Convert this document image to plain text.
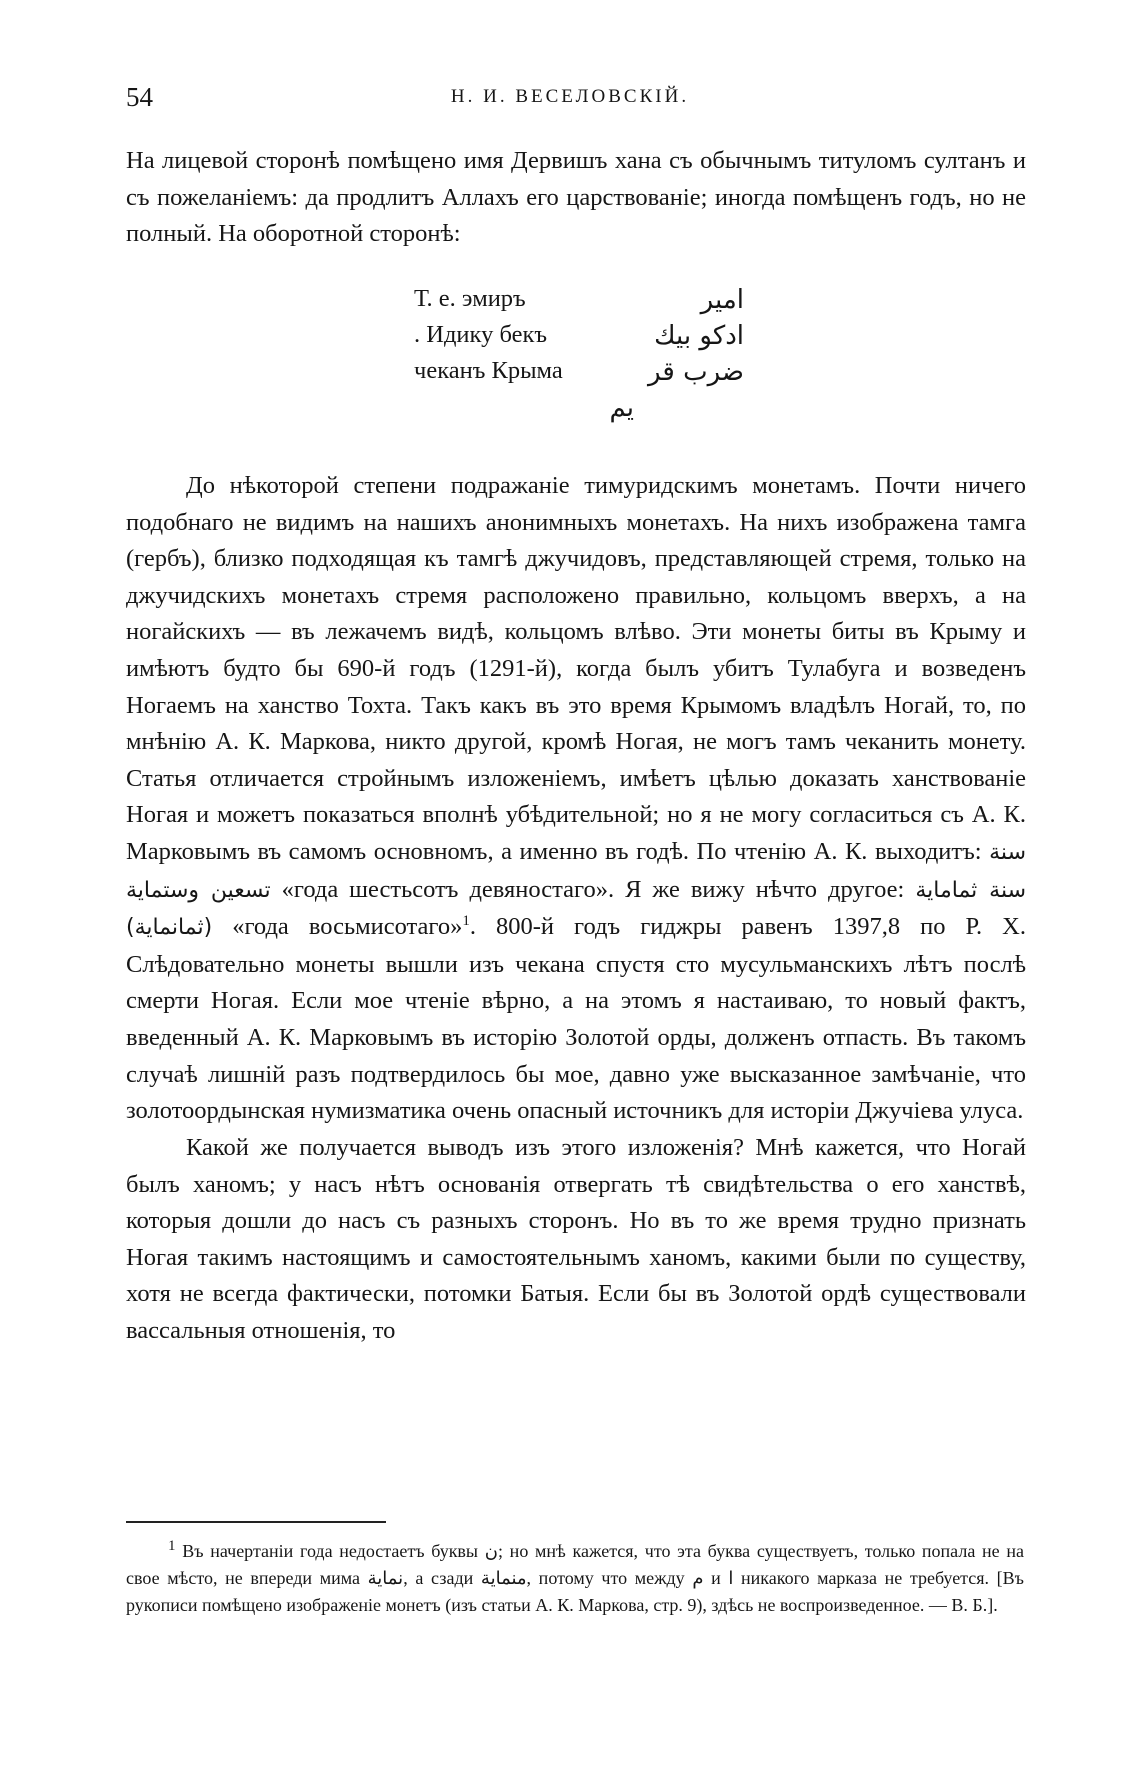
54	Н. И. ВЕСЕЛОВСКІЙ.
На лицевой сторонѣ помѣщено имя Дервишъ хана съ обычнымъ титуломъ султанъ и съ пожеланіемъ: да продлитъ Аллахъ его царствованіе; иногда помѣщенъ годъ, но не полный. На оборотной сторонѣ:
Т. е. эмиръ	امير
. Идику бекъ	ادكو بيك
чеканъ Крыма	ضرب قر
يم

До нѣкоторой степени подражаніе тимуридскимъ монетамъ. Почти ничего подобнаго не видимъ на нашихъ анонимныхъ монетахъ. На нихъ изображена тамга (гербъ), близко подходящая къ тамгѣ джучидовъ, представляющей стремя, только на джучидскихъ монетахъ стремя расположено правильно, кольцомъ вверхъ, а на ногайскихъ — въ лежачемъ видѣ, кольцомъ влѣво. Эти монеты биты въ Крыму и имѣютъ будто бы 690-й годъ (1291-й), когда былъ убитъ Тулабуга и возведенъ Ногаемъ на ханство Тохта. Такъ какъ въ это время Крымомъ владѣлъ Ногай, то, по мнѣнію А. К. Маркова, никто другой, кромѣ Ногая, не могъ тамъ чеканить монету. Статья отличается стройнымъ изложеніемъ, имѣетъ цѣлью доказать ханствованіе Ногая и можетъ показаться вполнѣ убѣдительной; но я не могу согласиться съ А. К. Марковымъ въ самомъ основномъ, а именно въ годѣ. По чтенію А. К. выходитъ: سنة تسعين وستماية «года шестьсотъ девяностаго». Я же вижу нѣчто другое: سنة ثماماية (ثمانماية) «года восьмисотаго»$^1$. 800-й годъ гиджры равенъ 1397,8 по Р. Х. Слѣдовательно монеты вышли изъ чекана спустя сто мусульманскихъ лѣтъ послѣ смерти Ногая. Если мое чтеніе вѣрно, а на этомъ я настаиваю, то новый фактъ, введенный А. К. Марковымъ въ исторію Золотой орды, долженъ отпасть. Въ такомъ случаѣ лишній разъ подтвердилось бы мое, давно уже высказанное замѣчаніе, что золотоордынская нумизматика очень опасный источникъ для исторіи Джучіева улуса.

Какой же получается выводъ изъ этого изложенія? Мнѣ кажется, что Ногай былъ ханомъ; у насъ нѣтъ основанія отвергать тѣ свидѣтельства о его ханствѣ, которыя дошли до насъ съ разныхъ сторонъ. Но въ то же время трудно признать Ногая такимъ настоящимъ и самостоятельнымъ ханомъ, какими были по существу, хотя не всегда фактически, потомки Батыя. Если бы въ Золотой ордѣ существовали вассальныя отношенія, то

$^1$ Въ начертаніи года недостаетъ буквы ن; но мнѣ кажется, что эта буква существуетъ, только попала не на свое мѣсто, не впереди мима نماية, а сзади منماية, потому что между م и ا никакого марказа не требуется. [Въ рукописи помѣщено изображеніе монетъ (изъ статьи А. К. Маркова, стр. 9), здѣсь не воспроизведенное. — В. Б.].
